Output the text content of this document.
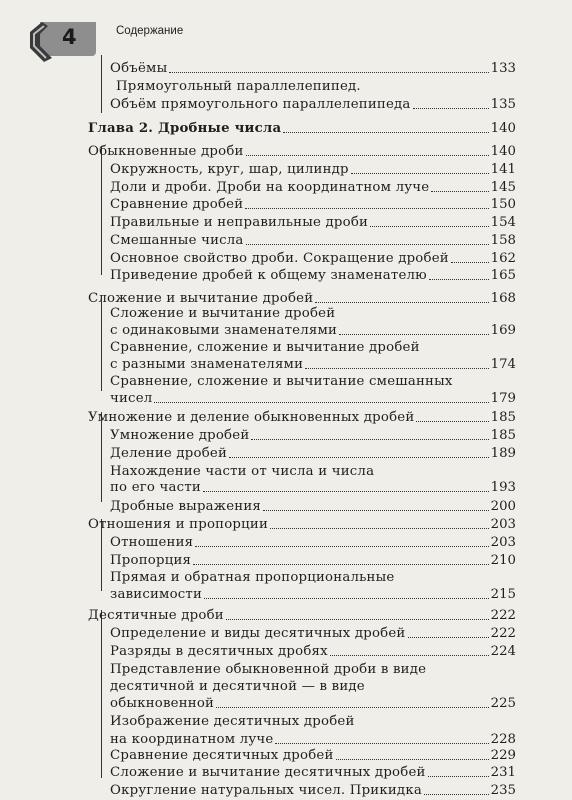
4	Содержание
Объёмы	133
Прямоугольный параллелепипед.
Объём прямоугольного параллелепипеда	135
Глава 2. Дробные числа	140
Обыкновенные дроби	140
Окружность, круг, шар, цилиндр	141
Доли и дроби. Дроби на координатном луче	145
Сравнение дробей	150
Правильные и неправильные дроби	154
Смешанные числа	158
Основное свойство дроби. Сокращение дробей	162
Приведение дробей к общему знаменателю	165
Сложение и вычитание дробей	168
Сложение и вычитание дробей
с одинаковыми знаменателями	169
Сравнение, сложение и вычитание дробей
с разными знаменателями	174
Сравнение, сложение и вычитание смешанных
чисел	179
Умножение и деление обыкновенных дробей	185
Умножение дробей	185
Деление дробей	189
Нахождение части от числа и числа
по его части	193
Дробные выражения	200
Отношения и пропорции	203
Отношения	203
Пропорция	210
Прямая и обратная пропорциональные
зависимости	215
Десятичные дроби	222
Определение и виды десятичных дробей	222
Разряды в десятичных дробях	224
Представление обыкновенной дроби в виде
десятичной и десятичной — в виде
обыкновенной	225
Изображение десятичных дробей
на координатном луче	228
Сравнение десятичных дробей	229
Сложение и вычитание десятичных дробей	231
Округление натуральных чисел. Прикидка	235
